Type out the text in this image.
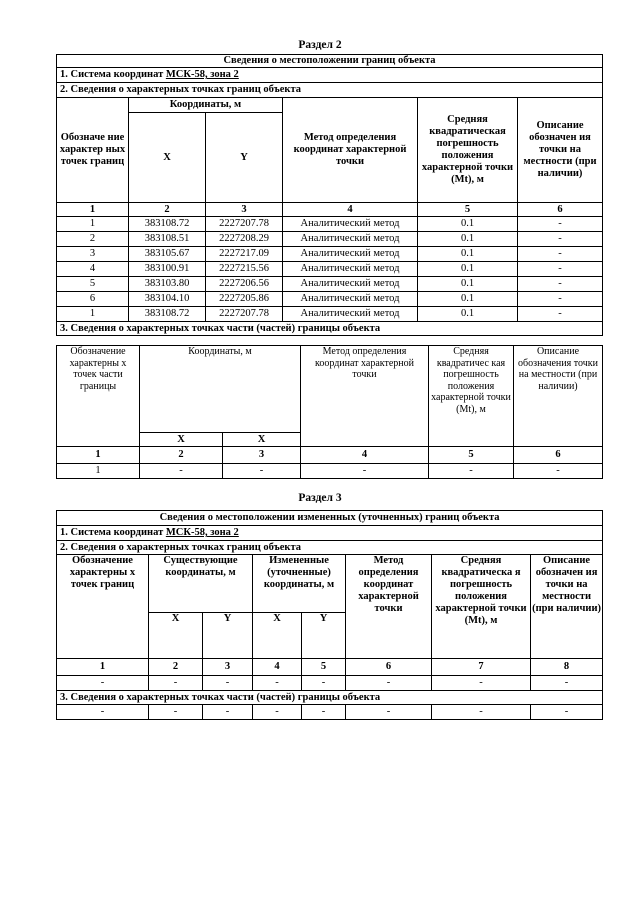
Раздел 2
Сведения о местоположении границ объекта					
1. Система координат МСК-58, зона 2					
2. Сведения о характерных точках границ объекта					
Обозначе ние характер ных точек границ	Координаты, м		Метод определения координат характерной точки	Средняя квадратическая погрешность положения характерной точки (Mt), м	Описание обозначен ия точки на местности (при наличии)
	X	Y			
1	2	3	4	5	6
1	383108.72	2227207.78	Аналитический метод	0.1	-
2	383108.51	2227208.29	Аналитический метод	0.1	-
3	383105.67	2227217.09	Аналитический метод	0.1	-
4	383100.91	2227215.56	Аналитический метод	0.1	-
5	383103.80	2227206.56	Аналитический метод	0.1	-
6	383104.10	2227205.86	Аналитический метод	0.1	-
1	383108.72	2227207.78	Аналитический метод	0.1	-
3. Сведения о характерных точках части (частей) границы объекта					
Обозначение характерны х точек части границы	Координаты, м		Метод определения координат характерной точки	Средняя квадратичес кая погрешность положения характерной точки (Mt), м	Описание обозначения точки на местности (при наличии)
	X	X			
1	2	3	4	5	6
1	-	-	-	-	-
Раздел 3
Сведения о местоположении измененных (уточненных) границ объекта							
1. Система координат МСК-58, зона 2							
2. Сведения о характерных точках границ объекта							
Обозначение характерны х точек границ	Существующие координаты, м		Измененные (уточненные) координаты, м		Метод определения координат характерной точки	Средняя квадратическа я погрешность положения характерной точки (Mt), м	Описание обозначен ия точки на местности (при наличии)
	X	Y	X	Y			
1	2	3	4	5	6	7	8
-	-	-	-	-	-	-	-
3. Сведения о характерных точках части (частей) границы объекта							
-	-	-	-	-	-	-	-
